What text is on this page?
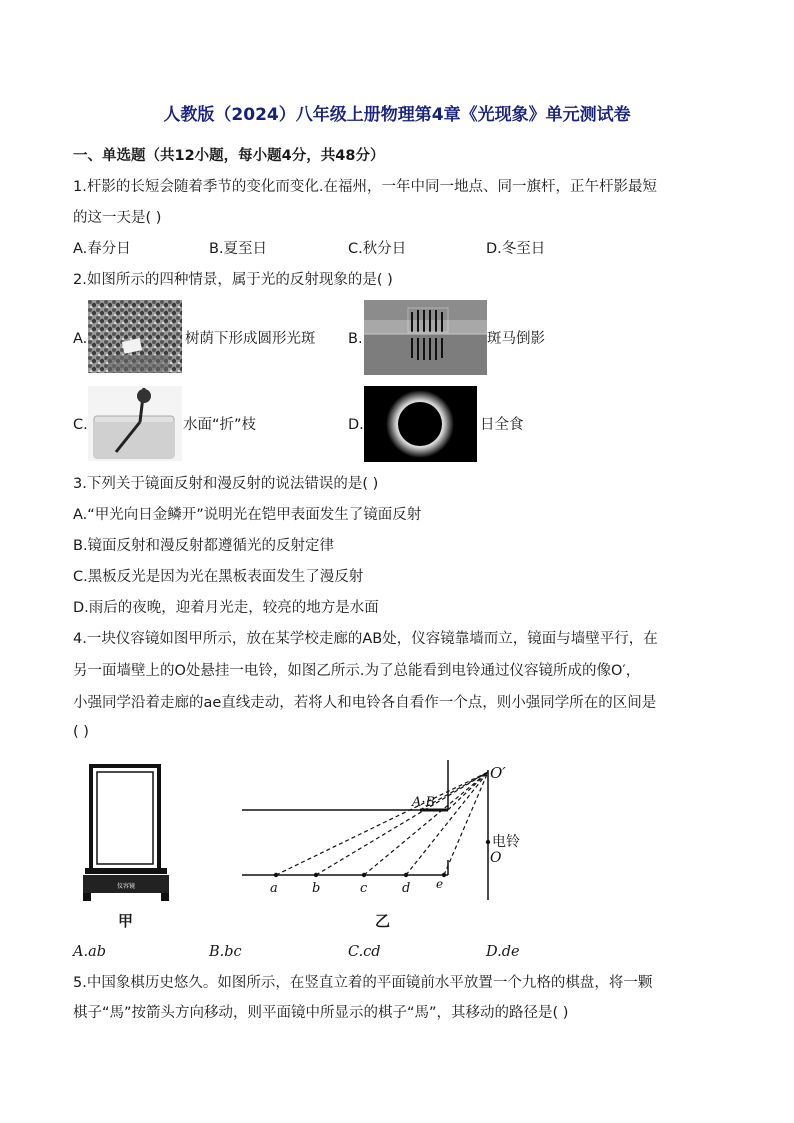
人教版（2024）八年级上册物理第4章《光现象》单元测试卷
一、单选题（共12小题，每小题4分，共48分）
1.杆影的长短会随着季节的变化而变化.在福州，一年中同一地点、同一旗杆，正午杆影最短
的这一天是( )
A.春分日	B.夏至日	C.秋分日	D.冬至日
2.如图所示的四种情景，属于光的反射现象的是( )
A.	树荫下形成圆形光斑 B.	斑马倒影
C.	水面“折”枝	D.	日全食
3.下列关于镜面反射和漫反射的说法错误的是( )
A.“甲光向日金鳞开”说明光在铠甲表面发生了镜面反射
B.镜面反射和漫反射都遵循光的反射定律
C.黑板反光是因为光在黑板表面发生了漫反射
D.雨后的夜晚，迎着月光走，较亮的地方是水面
4.一块仪容镜如图甲所示，放在某学校走廊的AB处，仪容镜靠墙而立，镜面与墙壁平行，在
另一面墙壁上的O处悬挂一电铃，如图乙所示.为了总能看到电铃通过仪容镜所成的像O′，
小强同学沿着走廊的ae直线走动，若将人和电铃各自看作一个点，则小强同学所在的区间是
( )
仪容镜
甲
O′
A·B
电铃
O
a	b	c	d e
乙
A.ab	B.bc	C.cd	D.de
5.中国象棋历史悠久。如图所示，在竖直立着的平面镜前水平放置一个九格的棋盘，将一颗
棋子“馬”按箭头方向移动，则平面镜中所显示的棋子“馬”，其移动的路径是( )
